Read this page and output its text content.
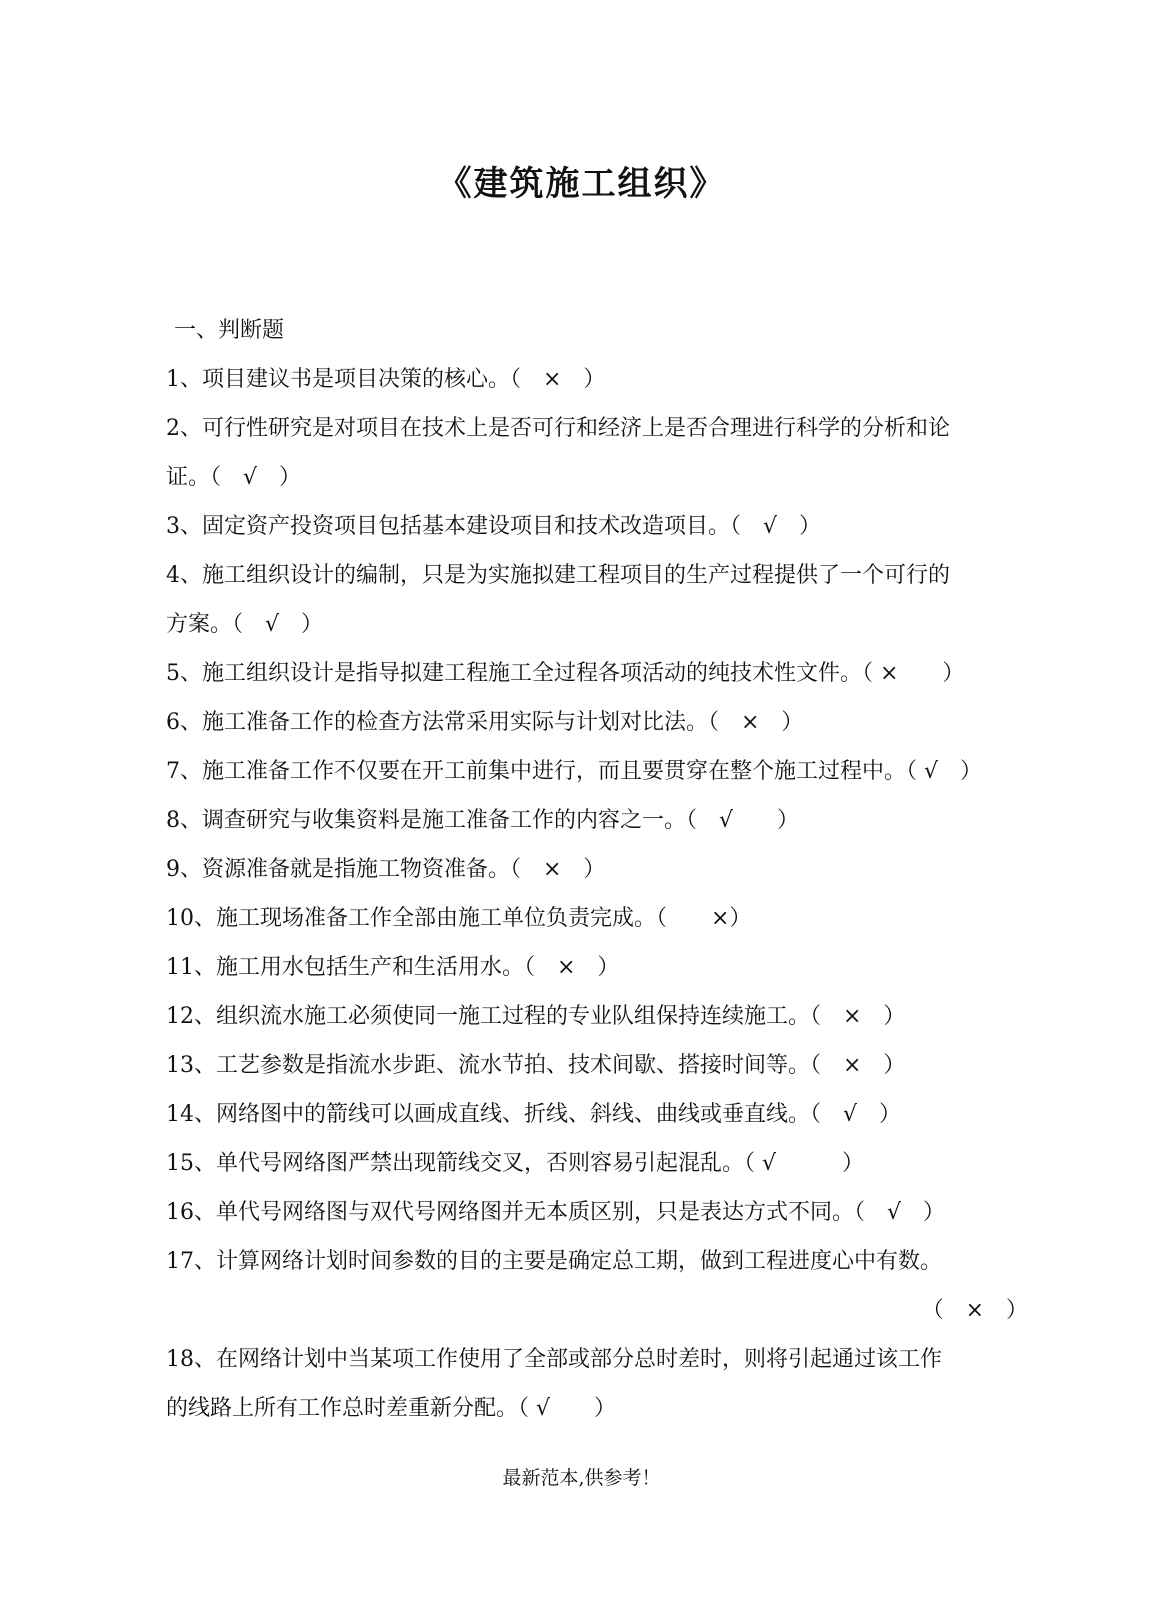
《建筑施工组织》
一、判断题
1、项目建议书是项目决策的核心。（　×　）
2、可行性研究是对项目在技术上是否可行和经济上是否合理进行科学的分析和论
证。（　√　）
3、固定资产投资项目包括基本建设项目和技术改造项目。（　√　）
4、施工组织设计的编制，只是为实施拟建工程项目的生产过程提供了一个可行的
方案。（　√　）
5、施工组织设计是指导拟建工程施工全过程各项活动的纯技术性文件。（ ×　　）
6、施工准备工作的检查方法常采用实际与计划对比法。（　×　）
7、施工准备工作不仅要在开工前集中进行，而且要贯穿在整个施工过程中。（ √　）
8、调查研究与收集资料是施工准备工作的内容之一。（　√　　）
9、资源准备就是指施工物资准备。（　×　）
10、施工现场准备工作全部由施工单位负责完成。（　　×）
11、施工用水包括生产和生活用水。（　×　）
12、组织流水施工必须使同一施工过程的专业队组保持连续施工。（　×　）
13、工艺参数是指流水步距、流水节拍、技术间歇、搭接时间等。（　×　）
14、网络图中的箭线可以画成直线、折线、斜线、曲线或垂直线。（　√　）
15、单代号网络图严禁出现箭线交叉，否则容易引起混乱。（ √　　　）
16、单代号网络图与双代号网络图并无本质区别，只是表达方式不同。（　√　）
17、计算网络计划时间参数的目的主要是确定总工期，做到工程进度心中有数。
（　×　）
18、在网络计划中当某项工作使用了全部或部分总时差时，则将引起通过该工作
的线路上所有工作总时差重新分配。（ √　　）
最新范本,供参考！
